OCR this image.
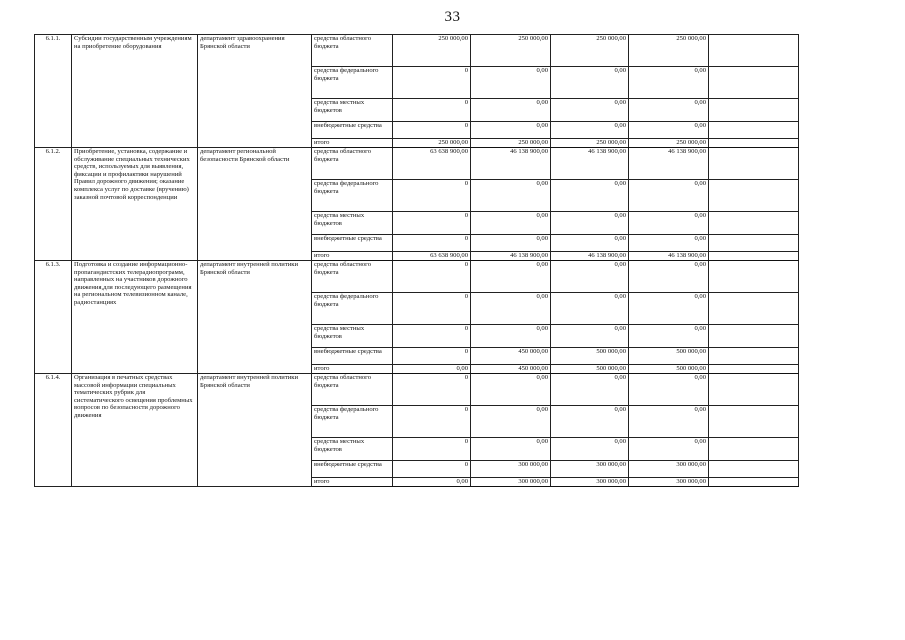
33
6.1.1.	Субсидии государственным учреждениям на приобретение оборудования	департамент здравоохранения Брянской области	средства областного бюджета	250 000,00	250 000,00	250 000,00	250 000,00	
			средства федерального бюджета	0	0,00	0,00	0,00	
			средства местных бюджетов	0	0,00	0,00	0,00	
			внебюджетные средства	0	0,00	0,00	0,00	
			итого	250 000,00	250 000,00	250 000,00	250 000,00	
6.1.2.	Приобретение, установка, содержание и обслуживание специальных технических средств, используемых для выявления, фиксации и профилактики нарушений Правил дорожного движения; оказание комплекса услуг по доставке (вручению) заказной почтовой корреспонденции	департамент региональной безопасности Брянской области	средства областного бюджета	63 638 900,00	46 138 900,00	46 138 900,00	46 138 900,00	
			средства федерального бюджета	0	0,00	0,00	0,00	
			средства местных бюджетов	0	0,00	0,00	0,00	
			внебюджетные средства	0	0,00	0,00	0,00	
			итого	63 638 900,00	46 138 900,00	46 138 900,00	46 138 900,00	
6.1.3.	Подготовка и создание информационно-пропагандистских телерадиопрограмм, направленных на участников дорожного движения,для последующего размещения на региональном телевизионном канале, радиостанциях	департамент внутренней политики Брянской области	средства областного бюджета	0	0,00	0,00	0,00	
			средства федерального бюджета	0	0,00	0,00	0,00	
			средства местных бюджетов	0	0,00	0,00	0,00	
			внебюджетные средства	0	450 000,00	500 000,00	500 000,00	
			итого	0,00	450 000,00	500 000,00	500 000,00	
6.1.4.	Организация в печатных средствах массовой информации специальных тематических рубрик для систематического освещения проблемных вопросов по безопасности дорожного движения	департамент внутренней политики Брянской области	средства областного бюджета	0	0,00	0,00	0,00	
			средства федерального бюджета	0	0,00	0,00	0,00	
			средства местных бюджетов	0	0,00	0,00	0,00	
			внебюджетные средства	0	300 000,00	300 000,00	300 000,00	
			итого	0,00	300 000,00	300 000,00	300 000,00	
